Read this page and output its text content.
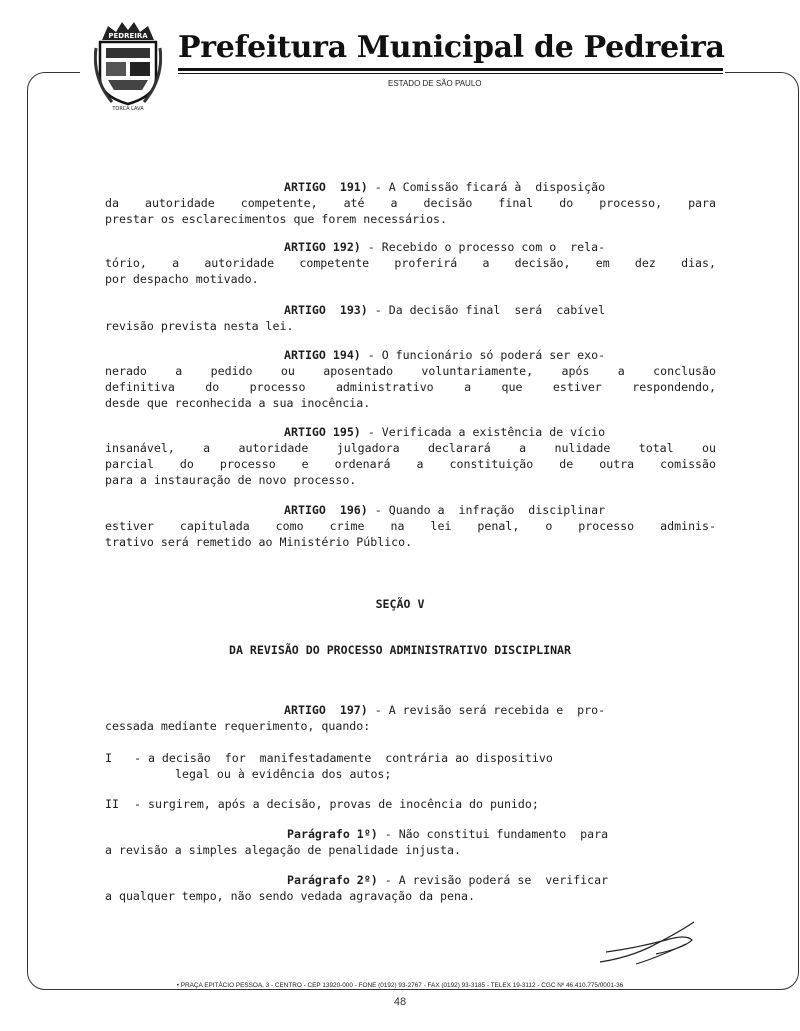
PEDREIRA
TORCA LAVA
Prefeitura Municipal de Pedreira
ESTADO DE SÃO PAULO
ARTIGO  191) - A Comissão ficará à  disposição
da autoridade competente, até a decisão final do processo, para
prestar os esclarecimentos que forem necessários.
ARTIGO 192) - Recebido o processo com o  rela-
tório, a autoridade competente proferirá a decisão, em dez dias,
por despacho motivado.
ARTIGO  193) - Da decisão final  será  cabível
revisão prevista nesta lei.
ARTIGO 194) - O funcionário só poderá ser exo-
nerado a pedido ou aposentado voluntariamente, após a conclusão
definitiva do processo administrativo a que estiver respondendo,
desde que reconhecida a sua inocência.
ARTIGO 195) - Verificada a existência de vício
insanável, a autoridade julgadora declarará a nulidade total ou
parcial do processo e ordenará a constituição de outra comissão
para a instauração de novo processo.
ARTIGO  196) - Quando a  infração  disciplinar
estiver capitulada como crime na lei penal, o processo adminis-
trativo será remetido ao Ministério Público.
SEÇÃO V
DA REVISÃO DO PROCESSO ADMINISTRATIVO DISCIPLINAR
ARTIGO  197) - A revisão será recebida e  pro-
cessada mediante requerimento, quando:
I - a decisão  for  manifestadamente  contrária ao dispositivo
legal ou à evidência dos autos;
II - surgirem, após a decisão, provas de inocência do punido;
Parágrafo 1º) - Não constitui fundamento  para
a revisão a simples alegação de penalidade injusta.
Parágrafo 2º) - A revisão poderá se  verificar
a qualquer tempo, não sendo vedada agravação da pena.
• PRAÇA EPITÁCIO PESSOA, 3 - CENTRO - CEP 13920-000 - FONE (0192) 93-2767 - FAX (0192) 93-3185 - TELEX 19-3112 - CGC Nº 46.410.775/0001-36
48
